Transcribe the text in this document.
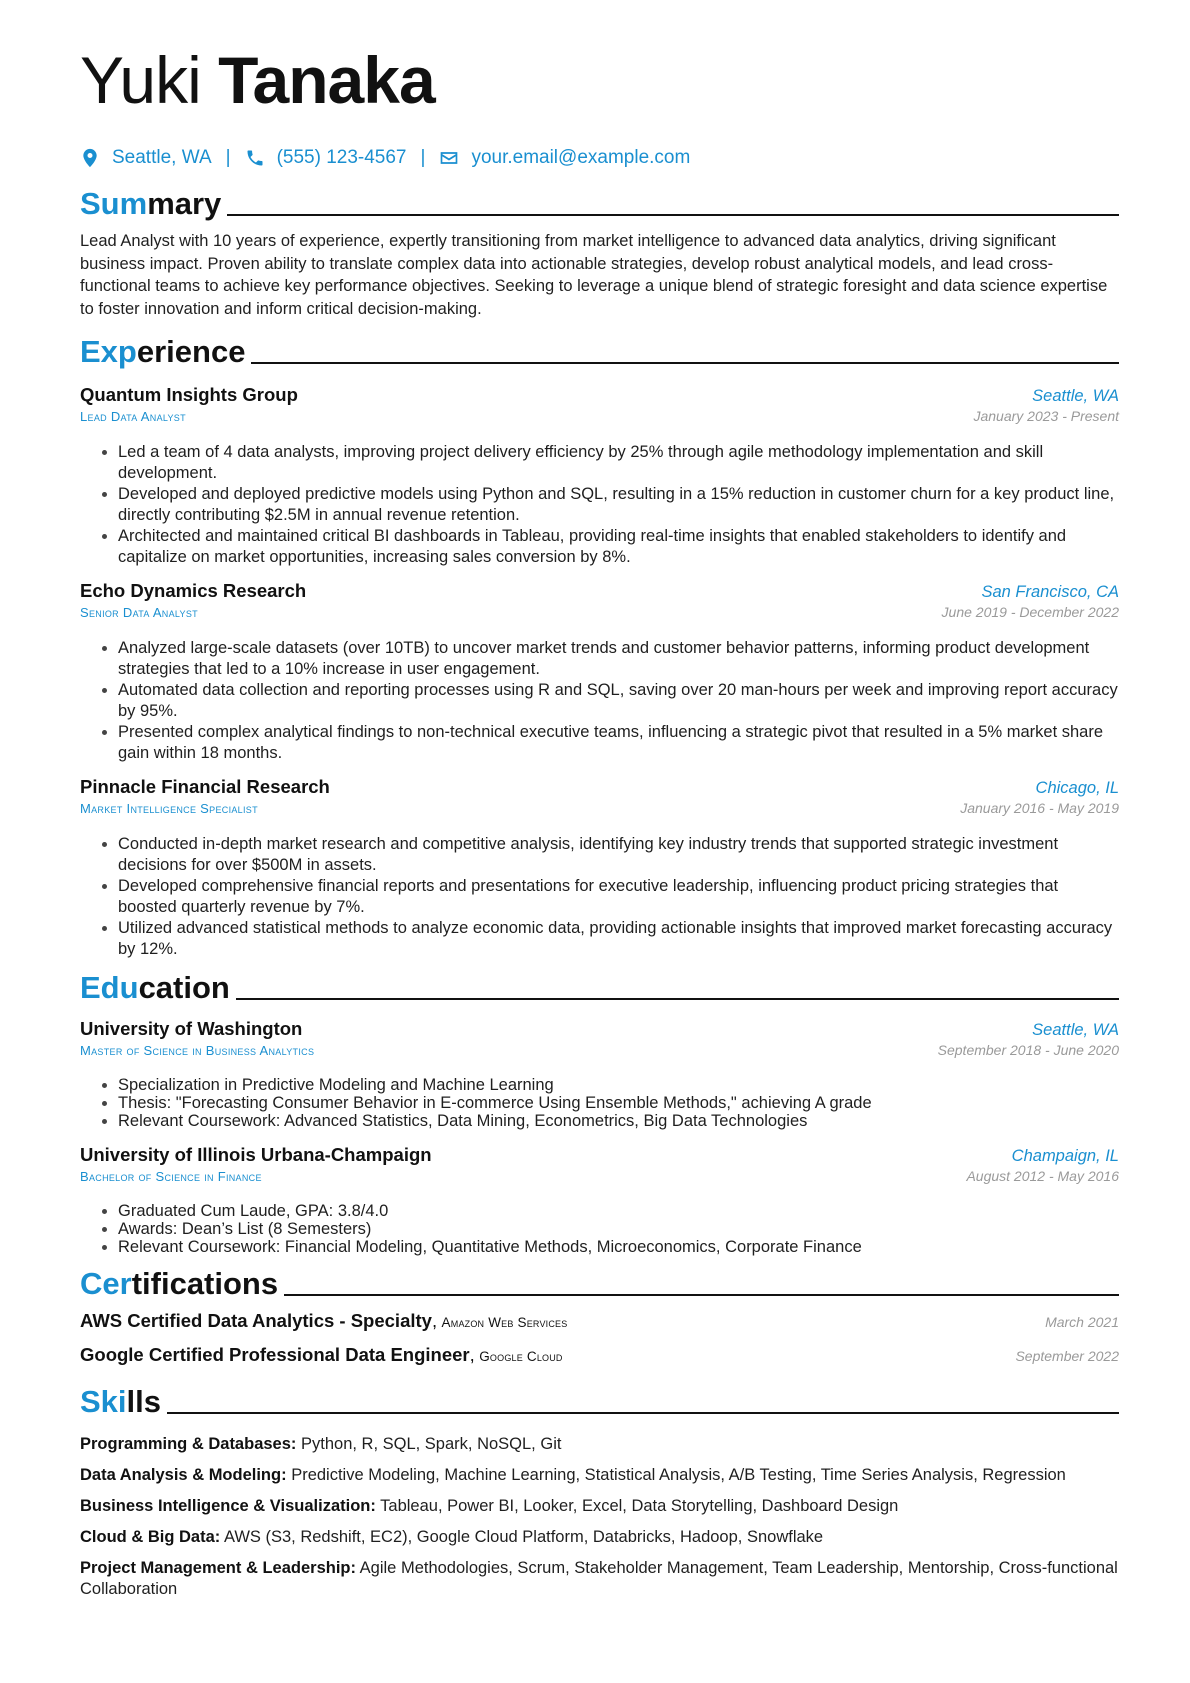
Yuki Tanaka
Seattle, WA | (555) 123-4567 | your.email@example.com
Summary
Lead Analyst with 10 years of experience, expertly transitioning from market intelligence to advanced data analytics, driving significant business impact. Proven ability to translate complex data into actionable strategies, develop robust analytical models, and lead cross-functional teams to achieve key performance objectives. Seeking to leverage a unique blend of strategic foresight and data science expertise to foster innovation and inform critical decision-making.
Experience
Quantum Insights Group	Seattle, WA
Lead Data Analyst	January 2023 - Present
• Led a team of 4 data analysts, improving project delivery efficiency by 25% through agile methodology implementation and skill development.
• Developed and deployed predictive models using Python and SQL, resulting in a 15% reduction in customer churn for a key product line, directly contributing $2.5M in annual revenue retention.
• Architected and maintained critical BI dashboards in Tableau, providing real-time insights that enabled stakeholders to identify and capitalize on market opportunities, increasing sales conversion by 8%.
Echo Dynamics Research	San Francisco, CA
Senior Data Analyst	June 2019 - December 2022
• Analyzed large-scale datasets (over 10TB) to uncover market trends and customer behavior patterns, informing product development strategies that led to a 10% increase in user engagement.
• Automated data collection and reporting processes using R and SQL, saving over 20 man-hours per week and improving report accuracy by 95%.
• Presented complex analytical findings to non-technical executive teams, influencing a strategic pivot that resulted in a 5% market share gain within 18 months.
Pinnacle Financial Research	Chicago, IL
Market Intelligence Specialist	January 2016 - May 2019
• Conducted in-depth market research and competitive analysis, identifying key industry trends that supported strategic investment decisions for over $500M in assets.
• Developed comprehensive financial reports and presentations for executive leadership, influencing product pricing strategies that boosted quarterly revenue by 7%.
• Utilized advanced statistical methods to analyze economic data, providing actionable insights that improved market forecasting accuracy by 12%.
Education
University of Washington	Seattle, WA
Master of Science in Business Analytics	September 2018 - June 2020
• Specialization in Predictive Modeling and Machine Learning
• Thesis: "Forecasting Consumer Behavior in E-commerce Using Ensemble Methods," achieving A grade
• Relevant Coursework: Advanced Statistics, Data Mining, Econometrics, Big Data Technologies
University of Illinois Urbana-Champaign	Champaign, IL
Bachelor of Science in Finance	August 2012 - May 2016
• Graduated Cum Laude, GPA: 3.8/4.0
• Awards: Dean’s List (8 Semesters)
• Relevant Coursework: Financial Modeling, Quantitative Methods, Microeconomics, Corporate Finance
Certifications
AWS Certified Data Analytics - Specialty, Amazon Web Services	March 2021
Google Certified Professional Data Engineer, Google Cloud	September 2022
Skills
Programming & Databases: Python, R, SQL, Spark, NoSQL, Git
Data Analysis & Modeling: Predictive Modeling, Machine Learning, Statistical Analysis, A/B Testing, Time Series Analysis, Regression
Business Intelligence & Visualization: Tableau, Power BI, Looker, Excel, Data Storytelling, Dashboard Design
Cloud & Big Data: AWS (S3, Redshift, EC2), Google Cloud Platform, Databricks, Hadoop, Snowflake
Project Management & Leadership: Agile Methodologies, Scrum, Stakeholder Management, Team Leadership, Mentorship, Cross-functional Collaboration
